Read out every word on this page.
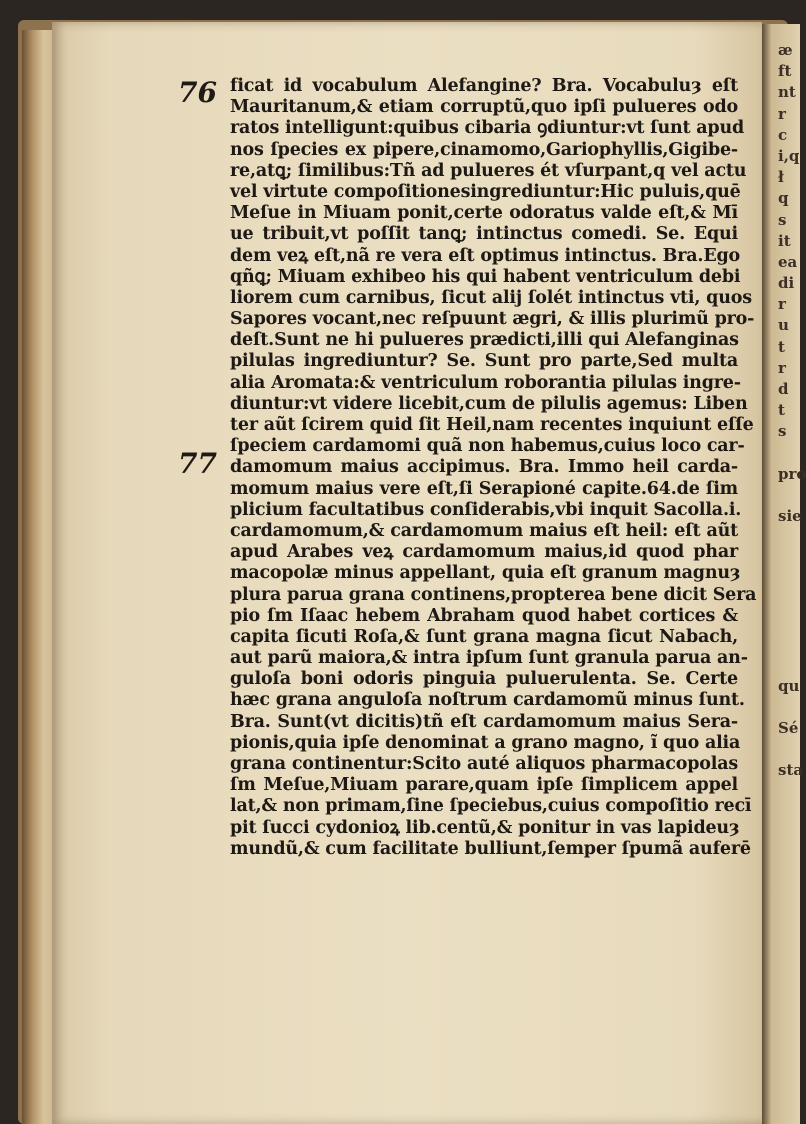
æ
ft
nt
r
c
i,q
ł
q
s
it
ea
di
r
u
t
r
d
t
s
pro
sie
qu
Sé
sta
76
77
ficat id vocabulum Alefangine? Bra. Vocabuluȝ eſt
Mauritanum,& etiam corruptũ,quo ipſi pulueres odo
ratos intelligunt:quibus cibaria ꝯdiuntur:vt ſunt apud
nos ſpecies ex pipere,cinamomo,Gariophyllis,Gigibe-
re,atꝗ; ſimilibus:Tñ ad pulueres ét vſurpant,q vel actu
vel virtute compoſitionesingrediuntur:Hic puluis,quē
Meſue in Miuam ponit,certe odoratus valde eſt,& Mī
ue tribuit,vt poſſit tanꝗ; intinctus comedi. Se. Equi
dem veꝝ eſt,nã re vera eſt optimus intinctus. Bra.Ego
qñꝗ; Miuam exhibeo his qui habent ventriculum debi
liorem cum carnibus, ſicut alij ſolét intinctus vti, quos
Sapores vocant,nec reſpuunt ægri, & illis plurimũ pro-
deſt.Sunt ne hi pulueres prædicti,illi qui Alefanginas
pilulas ingrediuntur? Se. Sunt pro parte,Sed multa
alia Aromata:& ventriculum roborantia pilulas ingre-
diuntur:vt videre licebit,cum de pilulis agemus: Liben
ter aũt ſcirem quid ſit Heil,nam recentes inquiunt eſſe
ſpeciem cardamomi quã non habemus,cuius loco car-
damomum maius accipimus. Bra. Immo heil carda-
momum maius vere eſt,ſi Serapioné capite.64.de ſim
plicium facultatibus conſiderabis,vbi inquit Sacolla.i.
cardamomum,& cardamomum maius eſt heil: eſt aũt
apud Arabes veꝝ cardamomum maius,id quod phar
macopolæ minus appellant, quia eſt granum magnuȝ
plura parua grana continens,propterea bene dicit Sera
pio ſm Iſaac hebem Abraham quod habet cortices &
capita ſicuti Roſa,& ſunt grana magna ſicut Nabach,
aut parũ maiora,& intra ipſum ſunt granula parua an-
guloſa boni odoris pinguia puluerulenta. Se. Certe
hæc grana anguloſa noſtrum cardamomũ minus ſunt.
Bra. Sunt(vt dicitis)tñ eſt cardamomum maius Sera-
pionis,quia ipſe denominat a grano magno, ĩ quo alia
grana continentur:Scito auté aliquos pharmacopolas
ſm Meſue,Miuam parare,quam ipſe ſimplicem appel
lat,& non primam,ſine ſpeciebus,cuius compoſitio recī
pit ſucci cydonioꝝ lib.centũ,& ponitur in vas lapideuȝ
mundũ,& cum facilitate bulliunt,ſemper ſpumã auferē
